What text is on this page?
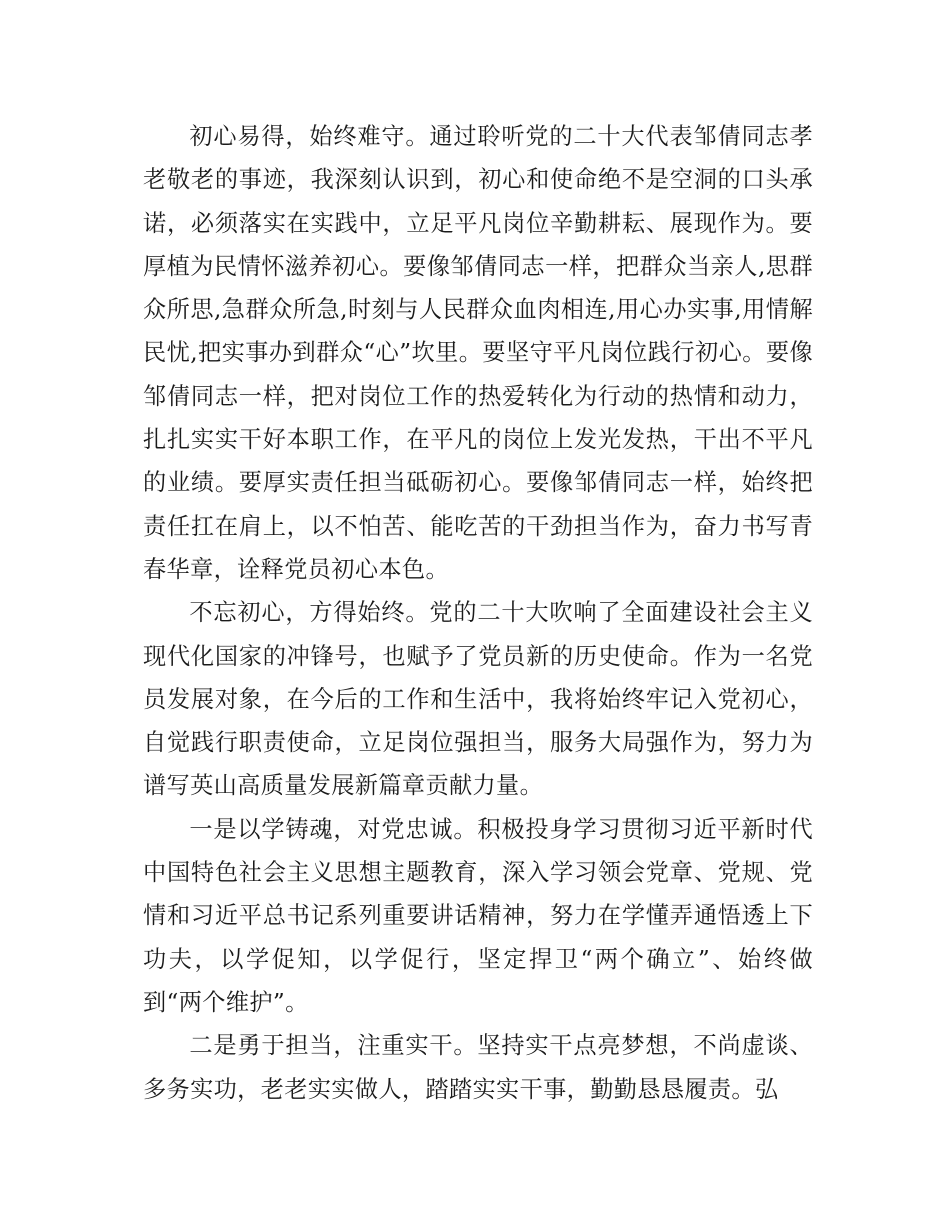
初心易得，始终难守。通过聆听党的二十大代表邹倩同志孝老敬老的事迹，我深刻认识到，初心和使命绝不是空洞的口头承诺，必须落实在实践中，立足平凡岗位辛勤耕耘、展现作为。要厚植为民情怀滋养初心。要像邹倩同志一样，把群众当亲人,思群众所思,急群众所急,时刻与人民群众血肉相连,用心办实事,用情解民忧,把实事办到群众“心”坎里。要坚守平凡岗位践行初心。要像邹倩同志一样，把对岗位工作的热爱转化为行动的热情和动力，扎扎实实干好本职工作，在平凡的岗位上发光发热，干出不平凡的业绩。要厚实责任担当砥砺初心。要像邹倩同志一样，始终把责任扛在肩上，以不怕苦、能吃苦的干劲担当作为，奋力书写青春华章，诠释党员初心本色。

不忘初心，方得始终。党的二十大吹响了全面建设社会主义现代化国家的冲锋号，也赋予了党员新的历史使命。作为一名党员发展对象，在今后的工作和生活中，我将始终牢记入党初心，自觉践行职责使命，立足岗位强担当，服务大局强作为，努力为谱写英山高质量发展新篇章贡献力量。

一是以学铸魂，对党忠诚。积极投身学习贯彻习近平新时代中国特色社会主义思想主题教育，深入学习领会党章、党规、党情和习近平总书记系列重要讲话精神，努力在学懂弄通悟透上下功夫，以学促知，以学促行，坚定捍卫“两个确立”、始终做到“两个维护”。

二是勇于担当，注重实干。坚持实干点亮梦想，不尚虚谈、多务实功，老老实实做人，踏踏实实干事，勤勤恳恳履责。弘
